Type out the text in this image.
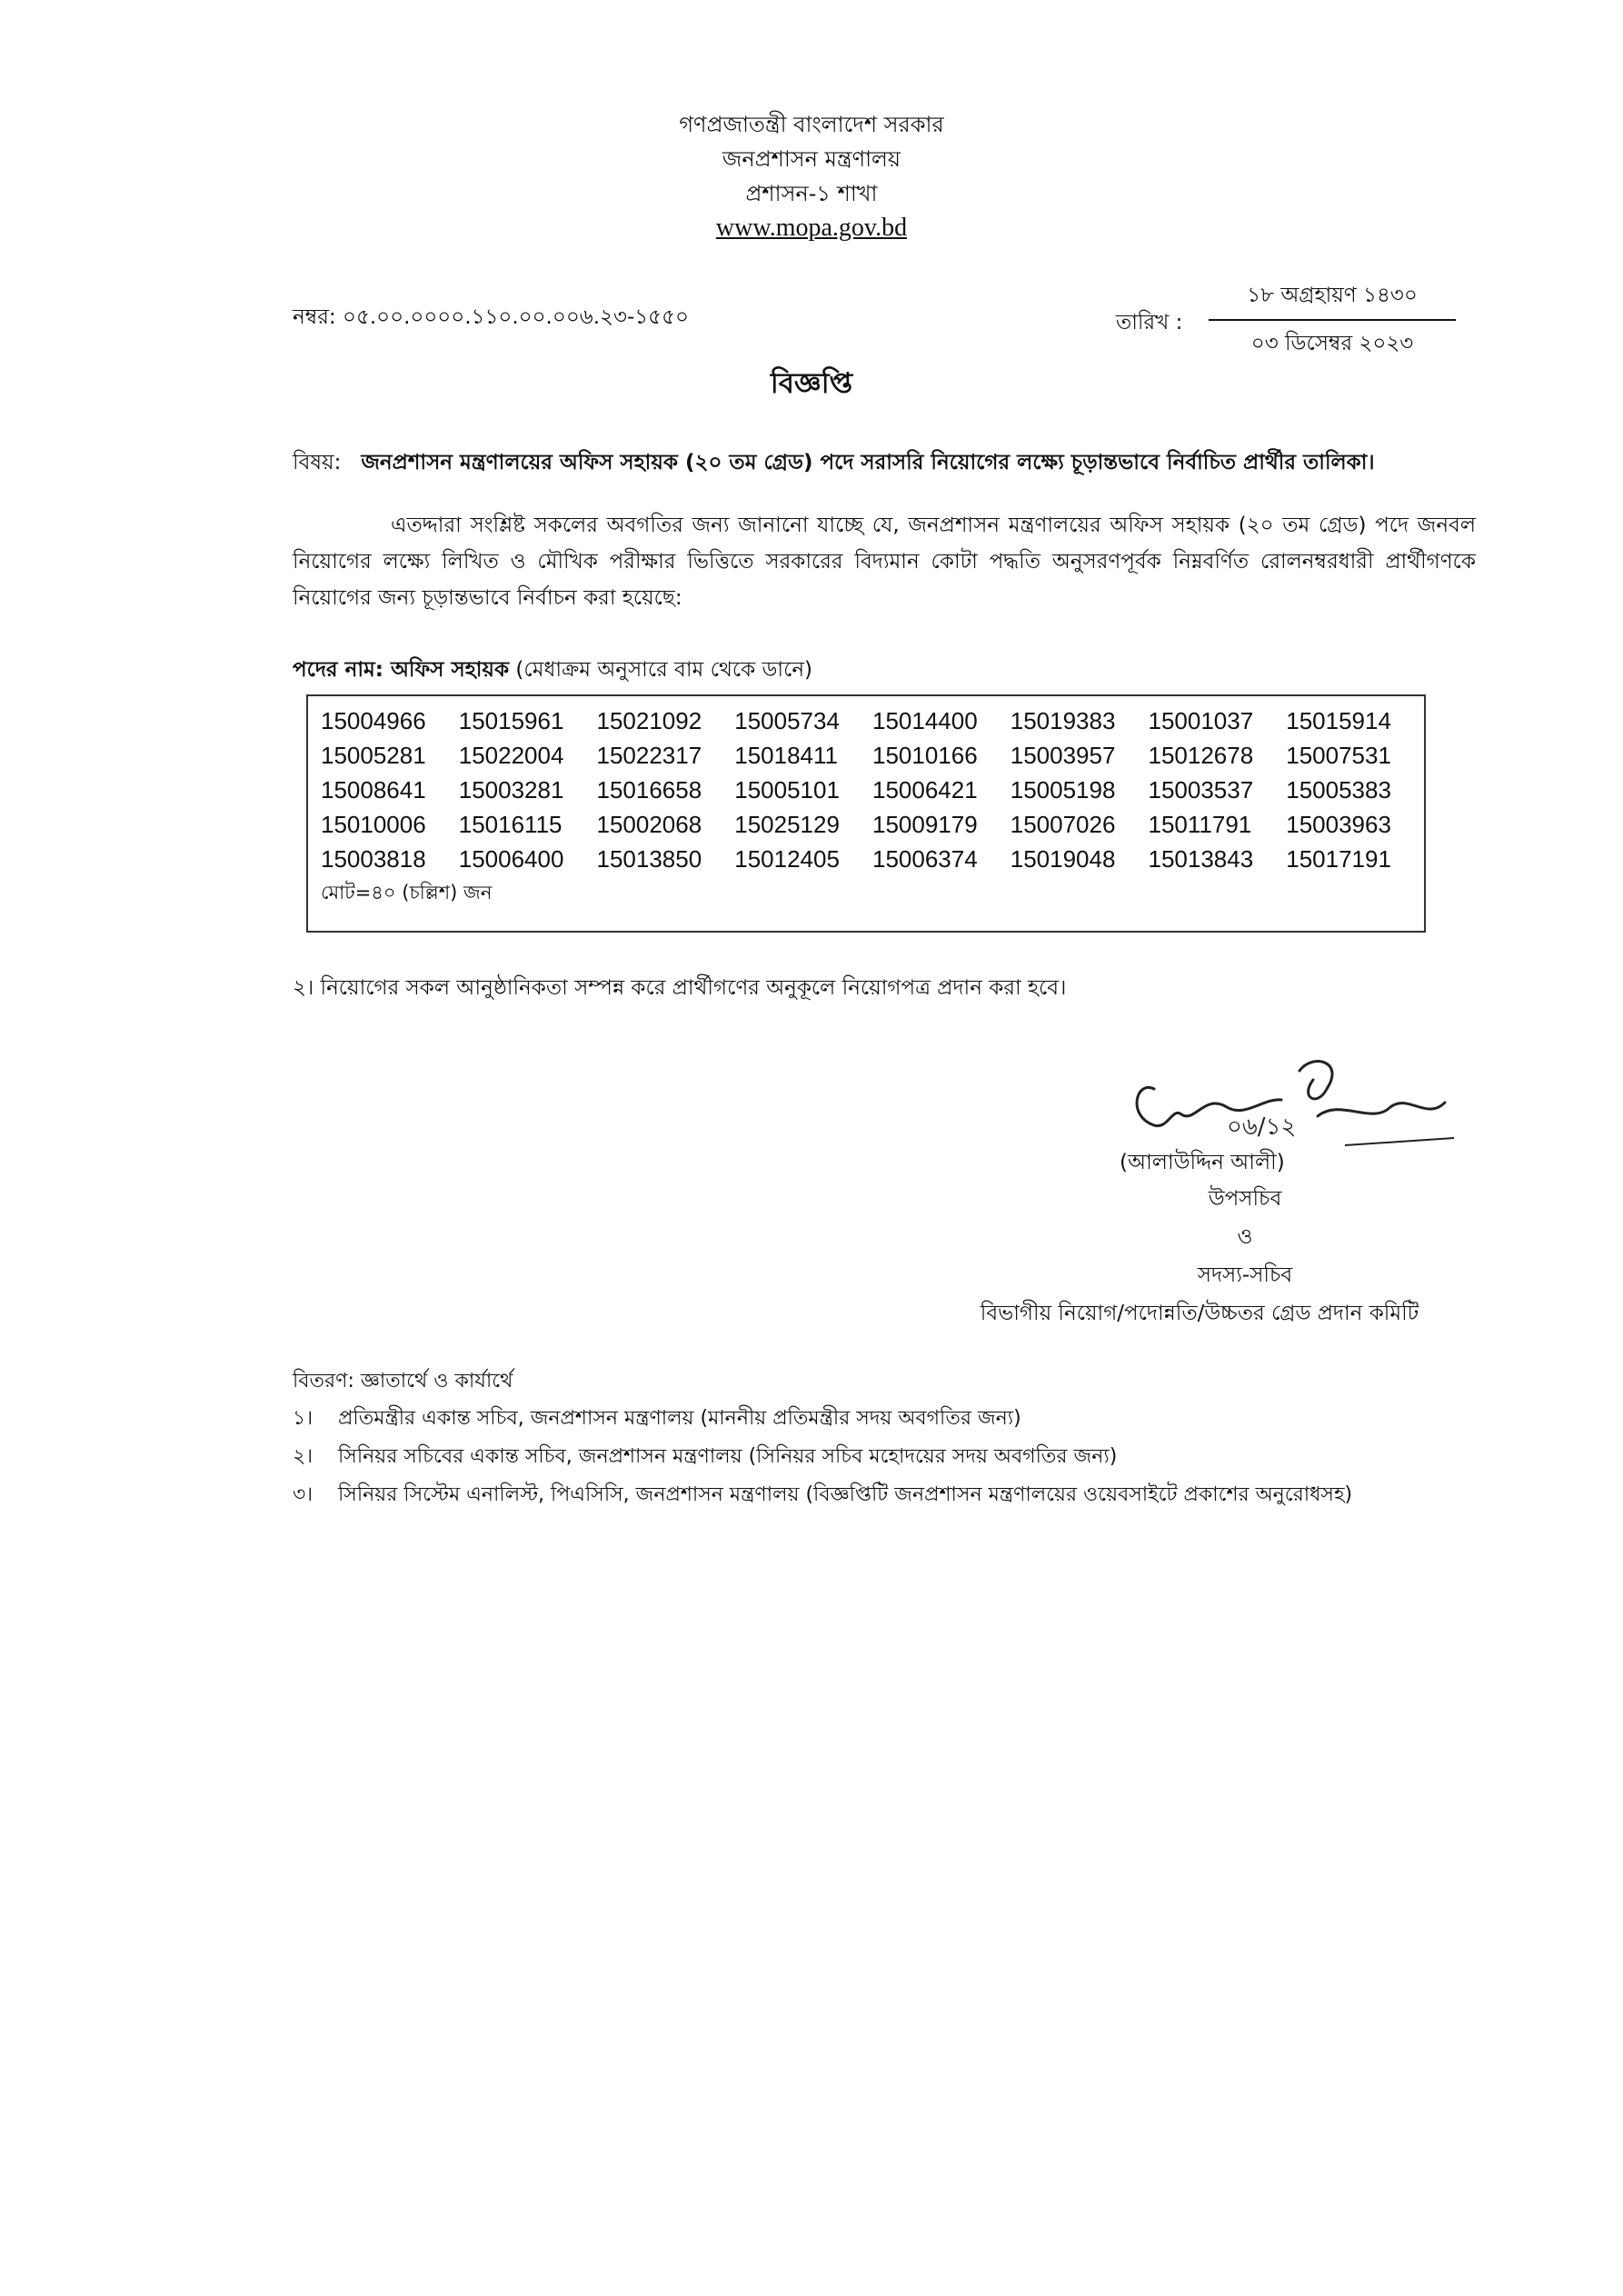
গণপ্রজাতন্ত্রী বাংলাদেশ সরকার
জনপ্রশাসন মন্ত্রণালয়
প্রশাসন-১ শাখা
www.mopa.gov.bd
নম্বর: ০৫.০০.০০০০.১১০.০০.০০৬.২৩-১৫৫০	তারিখ :
১৮ অগ্রহায়ণ ১৪৩০
০৩ ডিসেম্বর ২০২৩
বিজ্ঞপ্তি
বিষয়: জনপ্রশাসন মন্ত্রণালয়ের অফিস সহায়ক (২০ তম গ্রেড) পদে সরাসরি নিয়োগের লক্ষ্যে চূড়ান্তভাবে নির্বাচিত প্রার্থীর তালিকা।
এতদ্দারা সংশ্লিষ্ট সকলের অবগতির জন্য জানানো যাচ্ছে যে, জনপ্রশাসন মন্ত্রণালয়ের অফিস সহায়ক (২০ তম গ্রেড) পদে জনবল নিয়োগের লক্ষ্যে লিখিত ও মৌখিক পরীক্ষার ভিত্তিতে সরকারের বিদ্যমান কোটা পদ্ধতি অনুসরণপূর্বক নিম্নবর্ণিত রোলনম্বরধারী প্রার্থীগণকে নিয়োগের জন্য চূড়ান্তভাবে নির্বাচন করা হয়েছে:
পদের নাম: অফিস সহায়ক (মেধাক্রম অনুসারে বাম থেকে ডানে)
15004966	15015961	15021092	15005734	15014400	15019383	15001037	15015914
15005281	15022004	15022317	15018411	15010166	15003957	15012678	15007531
15008641	15003281	15016658	15005101	15006421	15005198	15003537	15005383
15010006	15016115	15002068	15025129	15009179	15007026	15011791	15003963
15003818	15006400	15013850	15012405	15006374	15019048	15013843	15017191
মোট=৪০ (চল্লিশ) জন
২। নিয়োগের সকল আনুষ্ঠানিকতা সম্পন্ন করে প্রার্থীগণের অনুকূলে নিয়োগপত্র প্রদান করা হবে।
০৬/১২
(আলাউদ্দিন আলী)
উপসচিব
ও
সদস্য-সচিব
বিভাগীয় নিয়োগ/পদোন্নতি/উচ্চতর গ্রেড প্রদান কমিটি
বিতরণ: জ্ঞাতার্থে ও কার্যার্থে
১।	প্রতিমন্ত্রীর একান্ত সচিব, জনপ্রশাসন মন্ত্রণালয় (মাননীয় প্রতিমন্ত্রীর সদয় অবগতির জন্য)
২।	সিনিয়র সচিবের একান্ত সচিব, জনপ্রশাসন মন্ত্রণালয় (সিনিয়র সচিব মহোদয়ের সদয় অবগতির জন্য)
৩।	সিনিয়র সিস্টেম এনালিস্ট, পিএসিসি, জনপ্রশাসন মন্ত্রণালয় (বিজ্ঞপ্তিটি জনপ্রশাসন মন্ত্রণালয়ের ওয়েবসাইটে প্রকাশের অনুরোধসহ)
